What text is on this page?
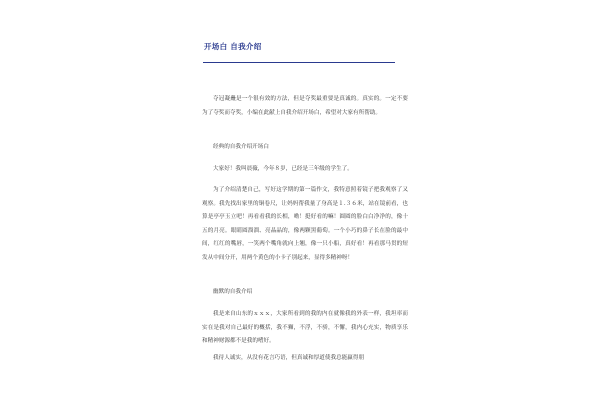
开场白 自我介绍

夺冠凝矗是一个很有效的方法，但是夺奖最重要是真诚的。真实的。一定不要为了夺奖而夺奖，小编在此献上自我介绍开场白，希望对大家有所帮助。

经典的自我介绍开场白

大家好！我叫晨薇，今年８岁，已经是三年级的学生了。

为了介绍清楚自己，写好这学期的第一篇作文，我特意照着镜子把我观察了又观察。我先找出家里的铜卷尺，让妈妈帮我量了身高是１.３６米，站在镜前看，也算是亭亭玉立吧！再看看我的长相，呦！挺好看的嘛！圆圆的脸白白净净的，像十五的月亮。眼睛圆溜溜、亮晶晶的，像两颗黑葡萄。一个小巧的鼻子长在脸的最中间，红红的嘴唇，一笑两个嘴角就向上翘，像一只小船，真好看！再看那马贯的短发从中间分开，用两个黄色的小卡子别起来，显得多精神呀！

幽默的自我介绍

我是来自山东的ｘｘｘ，大家所看到的我的内在就像我的外表一样，我坦率而实在是我对自己最好的概括，我不狮，不浮，不骄，不懈，我内心充实，物质享乐和精神财源都不是我的嗜好。

我待人诚实，从没有花言巧语，但真诚和厚道使我总能赢得朋
